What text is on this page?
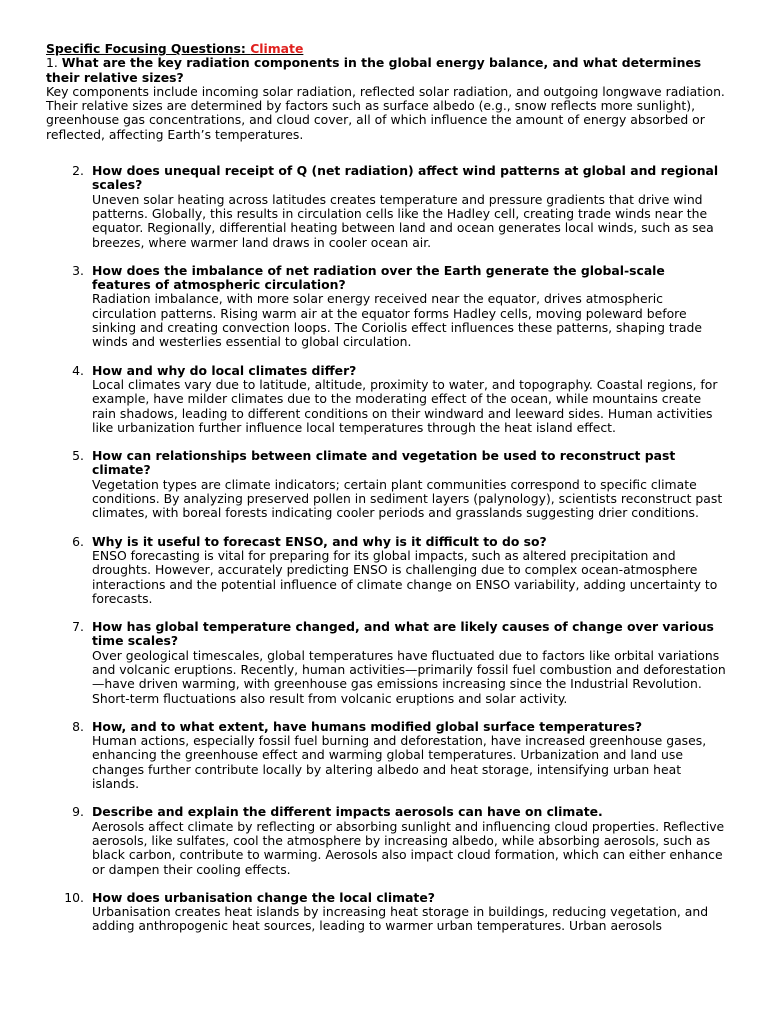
Specific Focusing Questions: Climate

1. What are the key radiation components in the global energy balance, and what determines their relative sizes?

Key components include incoming solar radiation, reflected solar radiation, and outgoing longwave radiation. Their relative sizes are determined by factors such as surface albedo (e.g., snow reflects more sunlight), greenhouse gas concentrations, and cloud cover, all of which influence the amount of energy absorbed or reflected, affecting Earth’s temperatures.

2. How does unequal receipt of Q (net radiation) affect wind patterns at global and regional scales?

Uneven solar heating across latitudes creates temperature and pressure gradients that drive wind patterns. Globally, this results in circulation cells like the Hadley cell, creating trade winds near the equator. Regionally, differential heating between land and ocean generates local winds, such as sea breezes, where warmer land draws in cooler ocean air.

3. How does the imbalance of net radiation over the Earth generate the global-scale features of atmospheric circulation?

Radiation imbalance, with more solar energy received near the equator, drives atmospheric circulation patterns. Rising warm air at the equator forms Hadley cells, moving poleward before sinking and creating convection loops. The Coriolis effect influences these patterns, shaping trade winds and westerlies essential to global circulation.

4. How and why do local climates differ?

Local climates vary due to latitude, altitude, proximity to water, and topography. Coastal regions, for example, have milder climates due to the moderating effect of the ocean, while mountains create rain shadows, leading to different conditions on their windward and leeward sides. Human activities like urbanization further influence local temperatures through the heat island effect.

5. How can relationships between climate and vegetation be used to reconstruct past climate?

Vegetation types are climate indicators; certain plant communities correspond to specific climate conditions. By analyzing preserved pollen in sediment layers (palynology), scientists reconstruct past climates, with boreal forests indicating cooler periods and grasslands suggesting drier conditions.

6. Why is it useful to forecast ENSO, and why is it difficult to do so?

ENSO forecasting is vital for preparing for its global impacts, such as altered precipitation and droughts. However, accurately predicting ENSO is challenging due to complex ocean-atmosphere interactions and the potential influence of climate change on ENSO variability, adding uncertainty to forecasts.

7. How has global temperature changed, and what are likely causes of change over various time scales?

Over geological timescales, global temperatures have fluctuated due to factors like orbital variations and volcanic eruptions. Recently, human activities—primarily fossil fuel combustion and deforestation—have driven warming, with greenhouse gas emissions increasing since the Industrial Revolution. Short-term fluctuations also result from volcanic eruptions and solar activity.

8. How, and to what extent, have humans modified global surface temperatures?

Human actions, especially fossil fuel burning and deforestation, have increased greenhouse gases, enhancing the greenhouse effect and warming global temperatures. Urbanization and land use changes further contribute locally by altering albedo and heat storage, intensifying urban heat islands.

9. Describe and explain the different impacts aerosols can have on climate.

Aerosols affect climate by reflecting or absorbing sunlight and influencing cloud properties. Reflective aerosols, like sulfates, cool the atmosphere by increasing albedo, while absorbing aerosols, such as black carbon, contribute to warming. Aerosols also impact cloud formation, which can either enhance or dampen their cooling effects.

10. How does urbanisation change the local climate?

Urbanisation creates heat islands by increasing heat storage in buildings, reducing vegetation, and adding anthropogenic heat sources, leading to warmer urban temperatures. Urban aerosols
